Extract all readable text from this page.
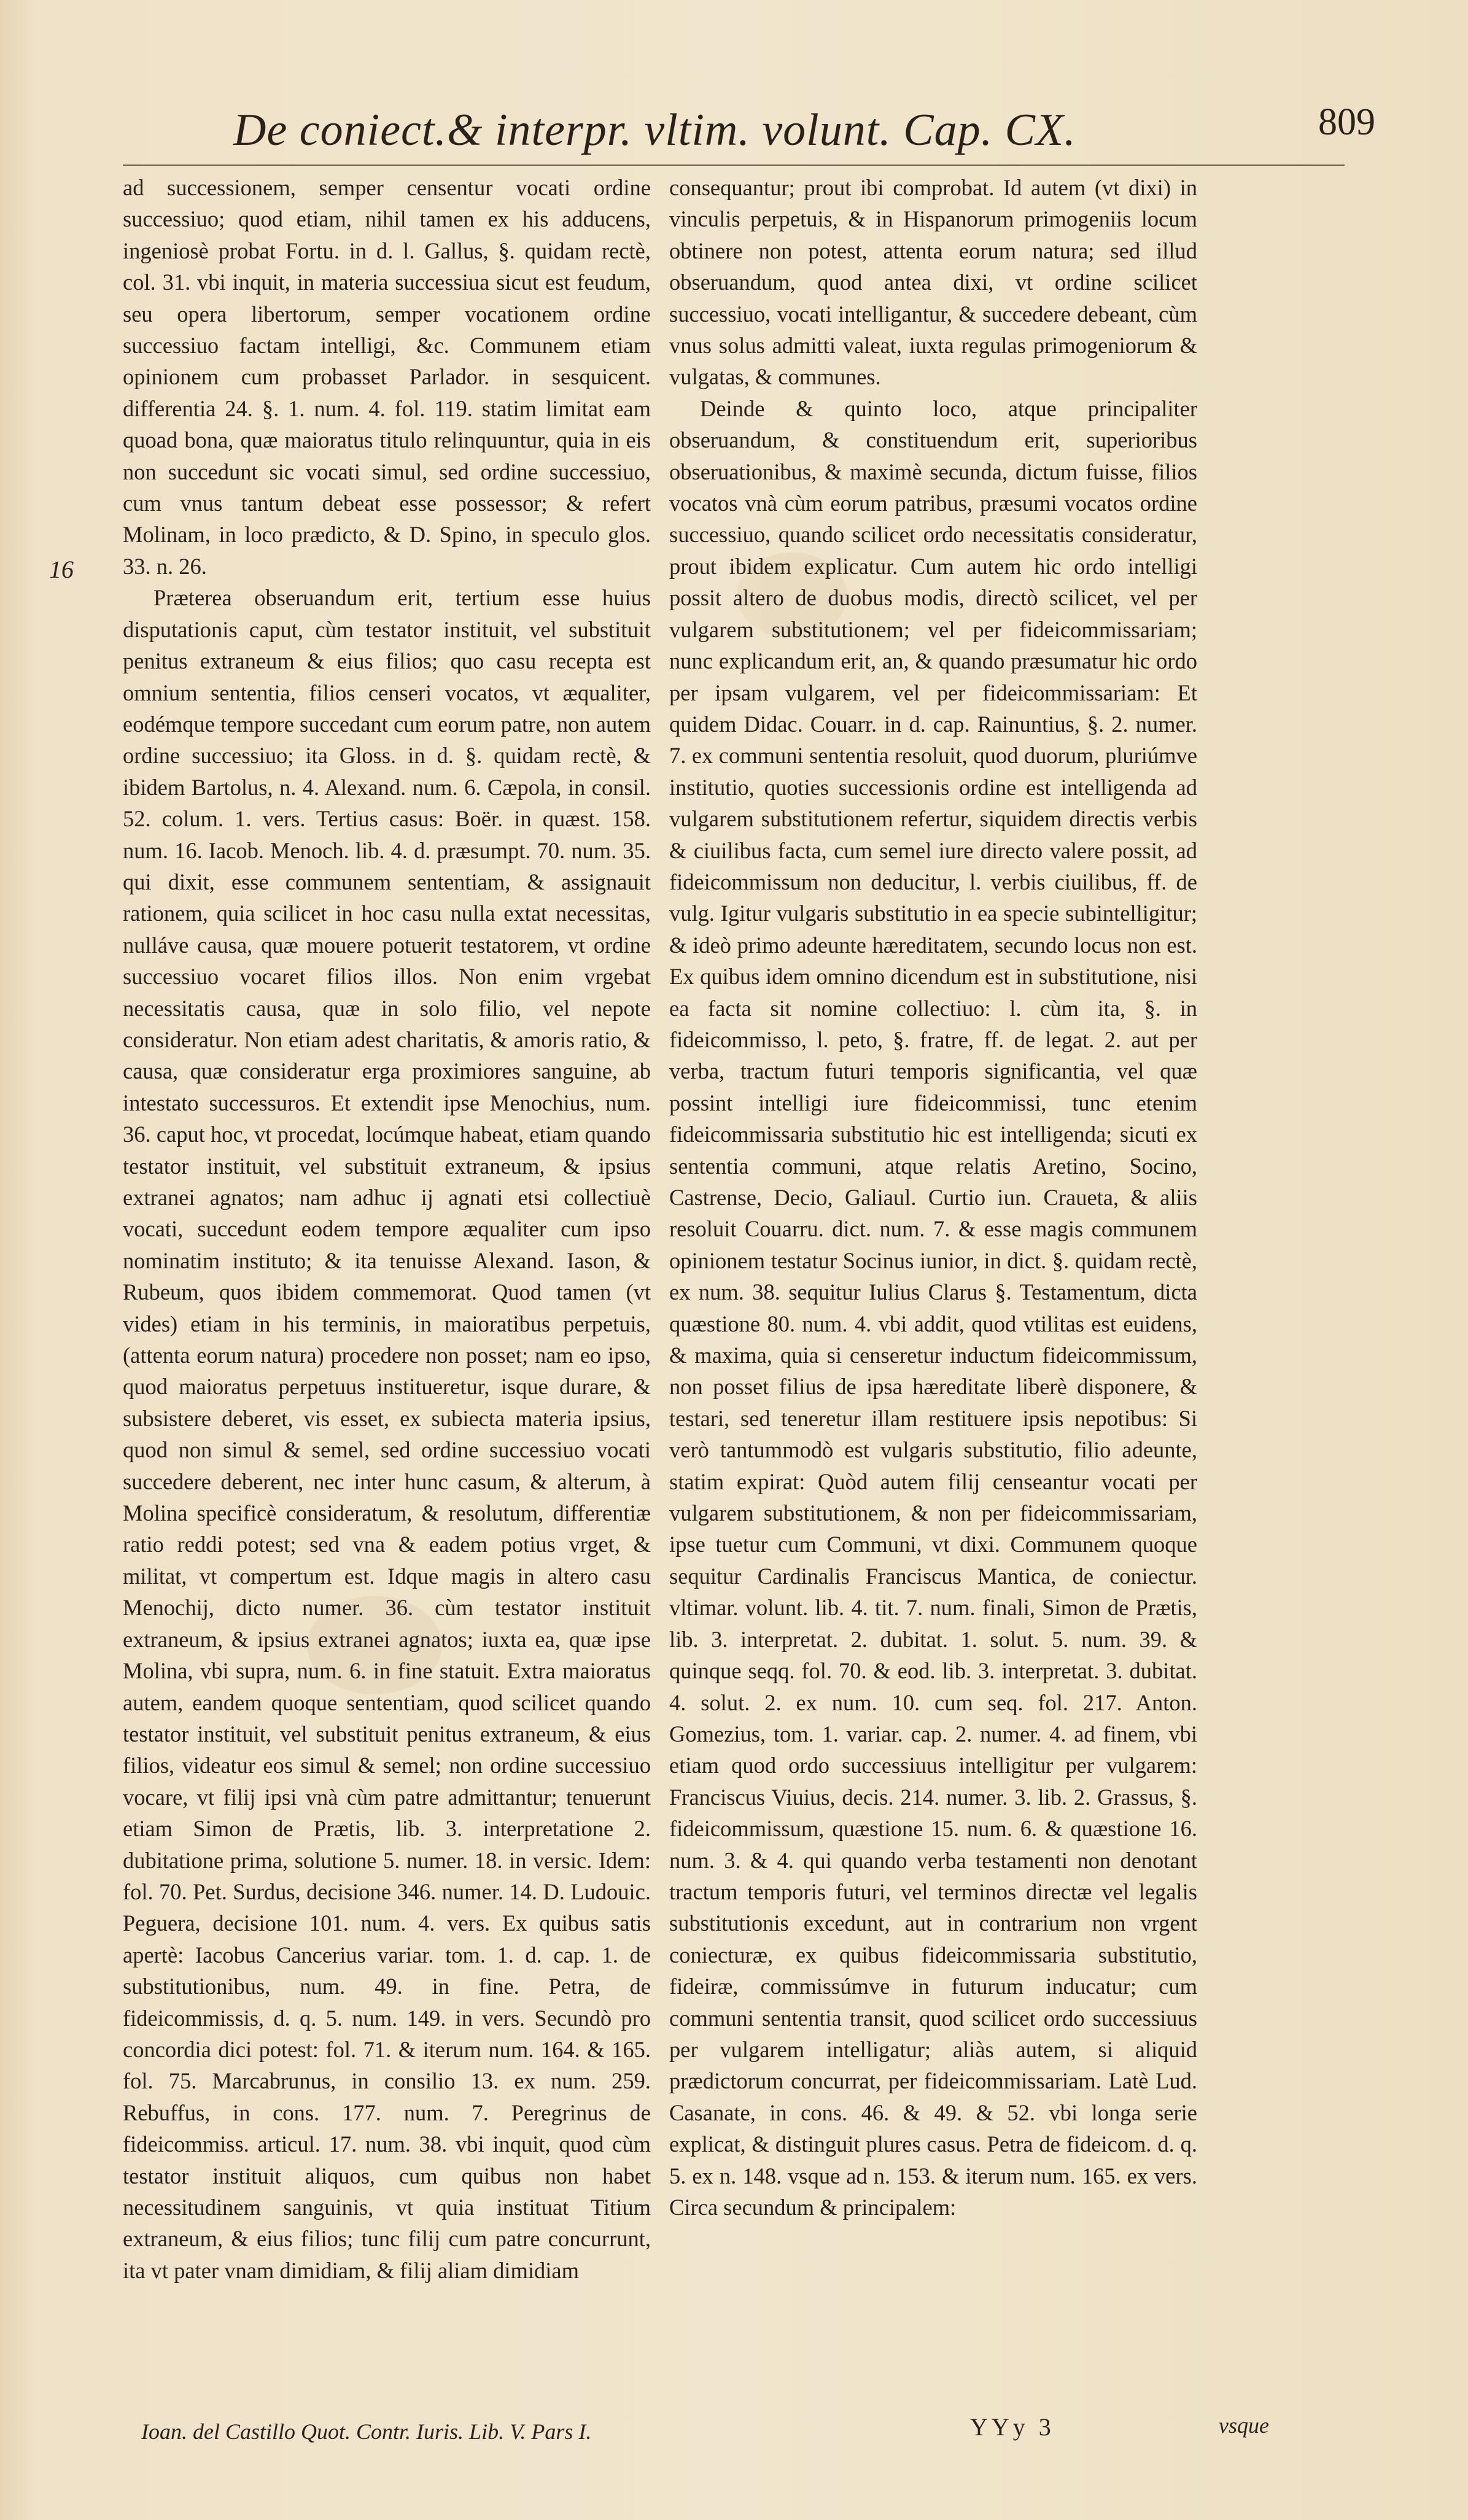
De coniect.& interpr. vltim. volunt. Cap. CX.	809
16

ad successionem, semper censentur vocati ordine successiuo; quod etiam, nihil tamen ex his adducens, ingeniosè probat Fortu. in d. l. Gallus, §. quidam rectè, col. 31. vbi inquit, in materia successiua sicut est feudum, seu opera libertorum, semper vocationem ordine successiuo factam intelligi, &c. Communem etiam opinionem cum probasset Parlador. in sesquicent. differentia 24. §. 1. num. 4. fol. 119. statim limitat eam quoad bona, quæ maioratus titulo relinquuntur, quia in eis non succedunt sic vocati simul, sed ordine successiuo, cum vnus tantum debeat esse possessor; & refert Molinam, in loco prædicto, & D. Spino, in speculo glos. 33. n. 26.

Præterea obseruandum erit, tertium esse huius disputationis caput, cùm testator instituit, vel substituit penitus extraneum & eius filios; quo casu recepta est omnium sententia, filios censeri vocatos, vt æqualiter, eodémque tempore succedant cum eorum patre, non autem ordine successiuo; ita Gloss. in d. §. quidam rectè, & ibidem Bartolus, n. 4. Alexand. num. 6. Cæpola, in consil. 52. colum. 1. vers. Tertius casus: Boër. in quæst. 158. num. 16. Iacob. Menoch. lib. 4. d. præsumpt. 70. num. 35. qui dixit, esse communem sententiam, & assignauit rationem, quia scilicet in hoc casu nulla extat necessitas, nulláve causa, quæ mouere potuerit testatorem, vt ordine successiuo vocaret filios illos. Non enim vrgebat necessitatis causa, quæ in solo filio, vel nepote consideratur. Non etiam adest charitatis, & amoris ratio, & causa, quæ consideratur erga proximiores sanguine, ab intestato successuros. Et extendit ipse Menochius, num. 36. caput hoc, vt procedat, locúmque habeat, etiam quando testator instituit, vel substituit extraneum, & ipsius extranei agnatos; nam adhuc ij agnati etsi collectiuè vocati, succedunt eodem tempore æqualiter cum ipso nominatim instituto; & ita tenuisse Alexand. Iason, & Rubeum, quos ibidem commemorat. Quod tamen (vt vides) etiam in his terminis, in maioratibus perpetuis, (attenta eorum natura) procedere non posset; nam eo ipso, quod maioratus perpetuus institueretur, isque durare, & subsistere deberet, vis esset, ex subiecta materia ipsius, quod non simul & semel, sed ordine successiuo vocati succedere deberent, nec inter hunc casum, & alterum, à Molina specificè consideratum, & resolutum, differentiæ ratio reddi potest; sed vna & eadem potius vrget, & militat, vt compertum est. Idque magis in altero casu Menochij, dicto numer. 36. cùm testator instituit extraneum, & ipsius extranei agnatos; iuxta ea, quæ ipse Molina, vbi supra, num. 6. in fine statuit. Extra maioratus autem, eandem quoque sententiam, quod scilicet quando testator instituit, vel substituit penitus extraneum, & eius filios, videatur eos simul & semel; non ordine successiuo vocare, vt filij ipsi vnà cùm patre admittantur; tenuerunt etiam Simon de Prætis, lib. 3. interpretatione 2. dubitatione prima, solutione 5. numer. 18. in versic. Idem: fol. 70. Pet. Surdus, decisione 346. numer. 14. D. Ludouic. Peguera, decisione 101. num. 4. vers. Ex quibus satis apertè: Iacobus Cancerius variar. tom. 1. d. cap. 1. de substitutionibus, num. 49. in fine. Petra, de fideicommissis, d. q. 5. num. 149. in vers. Secundò pro concordia dici potest: fol. 71. & iterum num. 164. & 165. fol. 75. Marcabrunus, in consilio 13. ex num. 259. Rebuffus, in cons. 177. num. 7. Peregrinus de fideicommiss. articul. 17. num. 38. vbi inquit, quod cùm testator instituit aliquos, cum quibus non habet necessitudinem sanguinis, vt quia instituat Titium extraneum, & eius filios; tunc filij cum patre concurrunt, ita vt pater vnam dimidiam, & filij aliam dimidiam

consequantur; prout ibi comprobat. Id autem (vt dixi) in vinculis perpetuis, & in Hispanorum primogeniis locum obtinere non potest, attenta eorum natura; sed illud obseruandum, quod antea dixi, vt ordine scilicet successiuo, vocati intelligantur, & succedere debeant, cùm vnus solus admitti valeat, iuxta regulas primogeniorum & vulgatas, & communes.

Deinde & quinto loco, atque principaliter obseruandum, & constituendum erit, superioribus obseruationibus, & maximè secunda, dictum fuisse, filios vocatos vnà cùm eorum patribus, præsumi vocatos ordine successiuo, quando scilicet ordo necessitatis consideratur, prout ibidem explicatur. Cum autem hic ordo intelligi possit altero de duobus modis, directò scilicet, vel per vulgarem substitutionem; vel per fideicommissariam; nunc explicandum erit, an, & quando præsumatur hic ordo per ipsam vulgarem, vel per fideicommissariam: Et quidem Didac. Couarr. in d. cap. Rainuntius, §. 2. numer. 7. ex communi sententia resoluit, quod duorum, pluriúmve institutio, quoties successionis ordine est intelligenda ad vulgarem substitutionem refertur, siquidem directis verbis & ciuilibus facta, cum semel iure directo valere possit, ad fideicommissum non deducitur, l. verbis ciuilibus, ff. de vulg. Igitur vulgaris substitutio in ea specie subintelligitur; & ideò primo adeunte hæreditatem, secundo locus non est. Ex quibus idem omnino dicendum est in substitutione, nisi ea facta sit nomine collectiuo: l. cùm ita, §. in fideicommisso, l. peto, §. fratre, ff. de legat. 2. aut per verba, tractum futuri temporis significantia, vel quæ possint intelligi iure fideicommissi, tunc etenim fideicommissaria substitutio hic est intelligenda; sicuti ex sententia communi, atque relatis Aretino, Socino, Castrense, Decio, Galiaul. Curtio iun. Craueta, & aliis resoluit Couarru. dict. num. 7. & esse magis communem opinionem testatur Socinus iunior, in dict. §. quidam rectè, ex num. 38. sequitur Iulius Clarus §. Testamentum, dicta quæstione 80. num. 4. vbi addit, quod vtilitas est euidens, & maxima, quia si censeretur inductum fideicommissum, non posset filius de ipsa hæreditate liberè disponere, & testari, sed teneretur illam restituere ipsis nepotibus: Si verò tantummodò est vulgaris substitutio, filio adeunte, statim expirat: Quòd autem filij censeantur vocati per vulgarem substitutionem, & non per fideicommissariam, ipse tuetur cum Communi, vt dixi. Communem quoque sequitur Cardinalis Franciscus Mantica, de coniectur. vltimar. volunt. lib. 4. tit. 7. num. finali, Simon de Prætis, lib. 3. interpretat. 2. dubitat. 1. solut. 5. num. 39. & quinque seqq. fol. 70. & eod. lib. 3. interpretat. 3. dubitat. 4. solut. 2. ex num. 10. cum seq. fol. 217. Anton. Gomezius, tom. 1. variar. cap. 2. numer. 4. ad finem, vbi etiam quod ordo successiuus intelligitur per vulgarem: Franciscus Viuius, decis. 214. numer. 3. lib. 2. Grassus, §. fideicommissum, quæstione 15. num. 6. & quæstione 16. num. 3. & 4. qui quando verba testamenti non denotant tractum temporis futuri, vel terminos directæ vel legalis substitutionis excedunt, aut in contrarium non vrgent coniecturæ, ex quibus fideicommissaria substitutio, fideiræ, commissúmve in futurum inducatur; cum communi sententia transit, quod scilicet ordo successiuus per vulgarem intelligatur; aliàs autem, si aliquid prædictorum concurrat, per fideicommissariam. Latè Lud. Casanate, in cons. 46. & 49. & 52. vbi longa serie explicat, & distinguit plures casus. Petra de fideicom. d. q. 5. ex n. 148. vsque ad n. 153. & iterum num. 165. ex vers. Circa secundum & principalem:

Ioan. del Castillo Quot. Contr. Iuris. Lib. V. Pars I.	YYy 3	vsque
